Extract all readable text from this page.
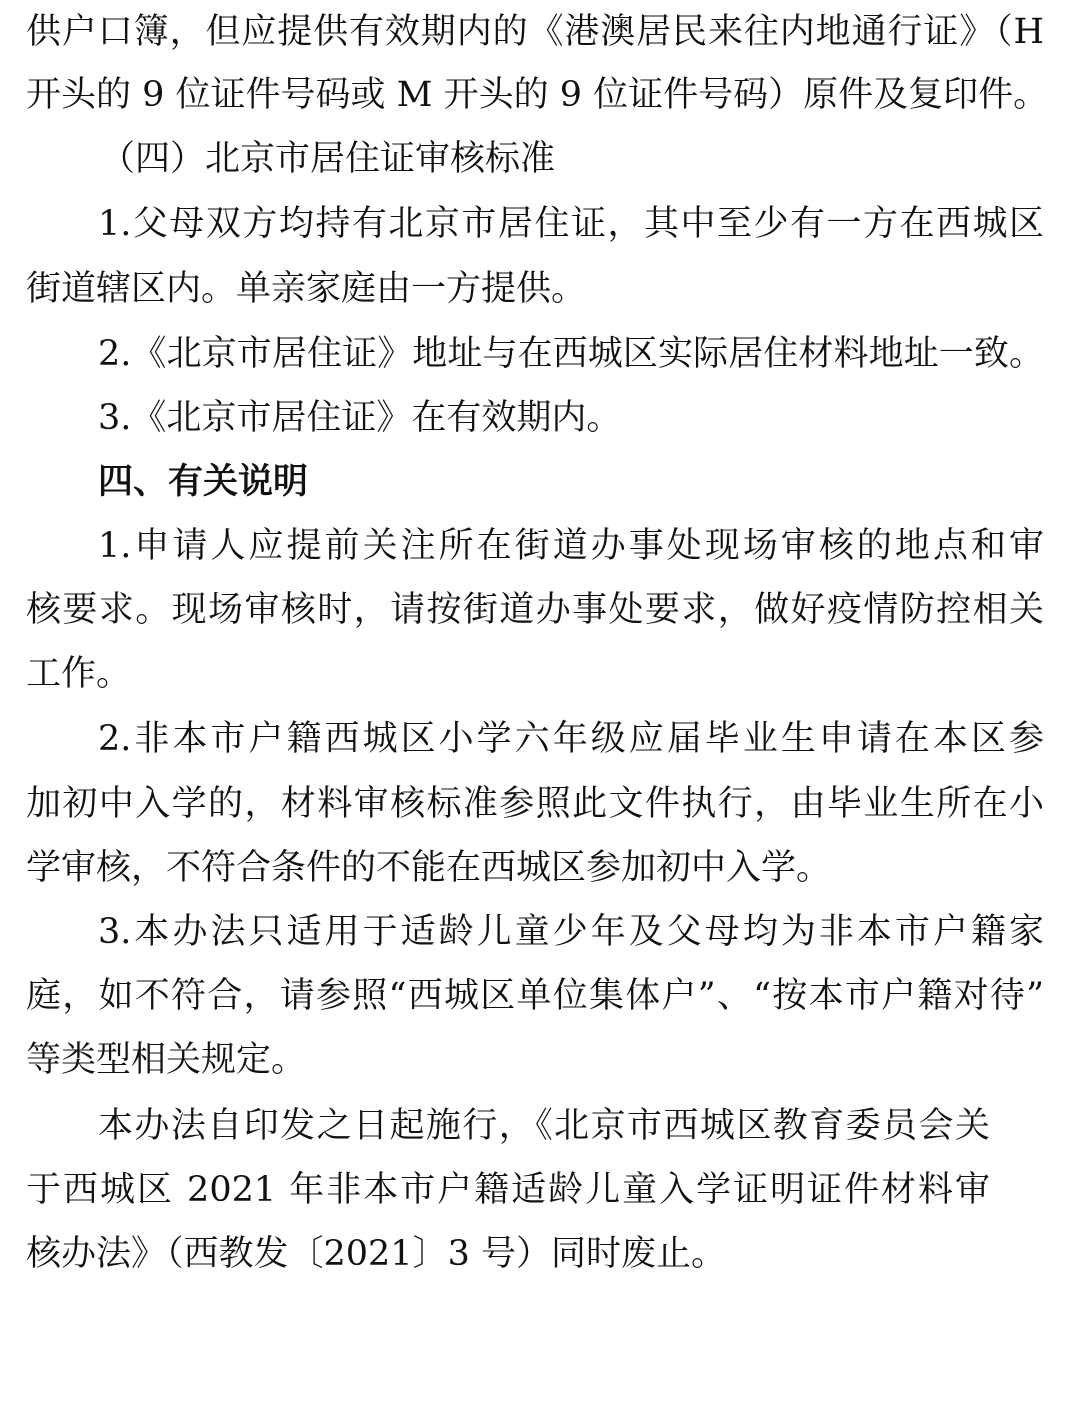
供户口簿，但应提供有效期内的《港澳居民来往内地通行证》（H
开头的 9 位证件号码或 M 开头的 9 位证件号码）原件及复印件。
（四）北京市居住证审核标准
1.父母双方均持有北京市居住证，其中至少有一方在西城区
街道辖区内。单亲家庭由一方提供。
2.《北京市居住证》地址与在西城区实际居住材料地址一致。
3.《北京市居住证》在有效期内。
四、有关说明
1.申请人应提前关注所在街道办事处现场审核的地点和审
核要求。现场审核时，请按街道办事处要求，做好疫情防控相关
工作。
2.非本市户籍西城区小学六年级应届毕业生申请在本区参
加初中入学的，材料审核标准参照此文件执行，由毕业生所在小
学审核，不符合条件的不能在西城区参加初中入学。
3.本办法只适用于适龄儿童少年及父母均为非本市户籍家
庭，如不符合，请参照“西城区单位集体户”、“按本市户籍对待”
等类型相关规定。
本办法自印发之日起施行，《北京市西城区教育委员会关
于西城区 2021 年非本市户籍适龄儿童入学证明证件材料审
核办法》（西教发〔2021〕3 号）同时废止。
